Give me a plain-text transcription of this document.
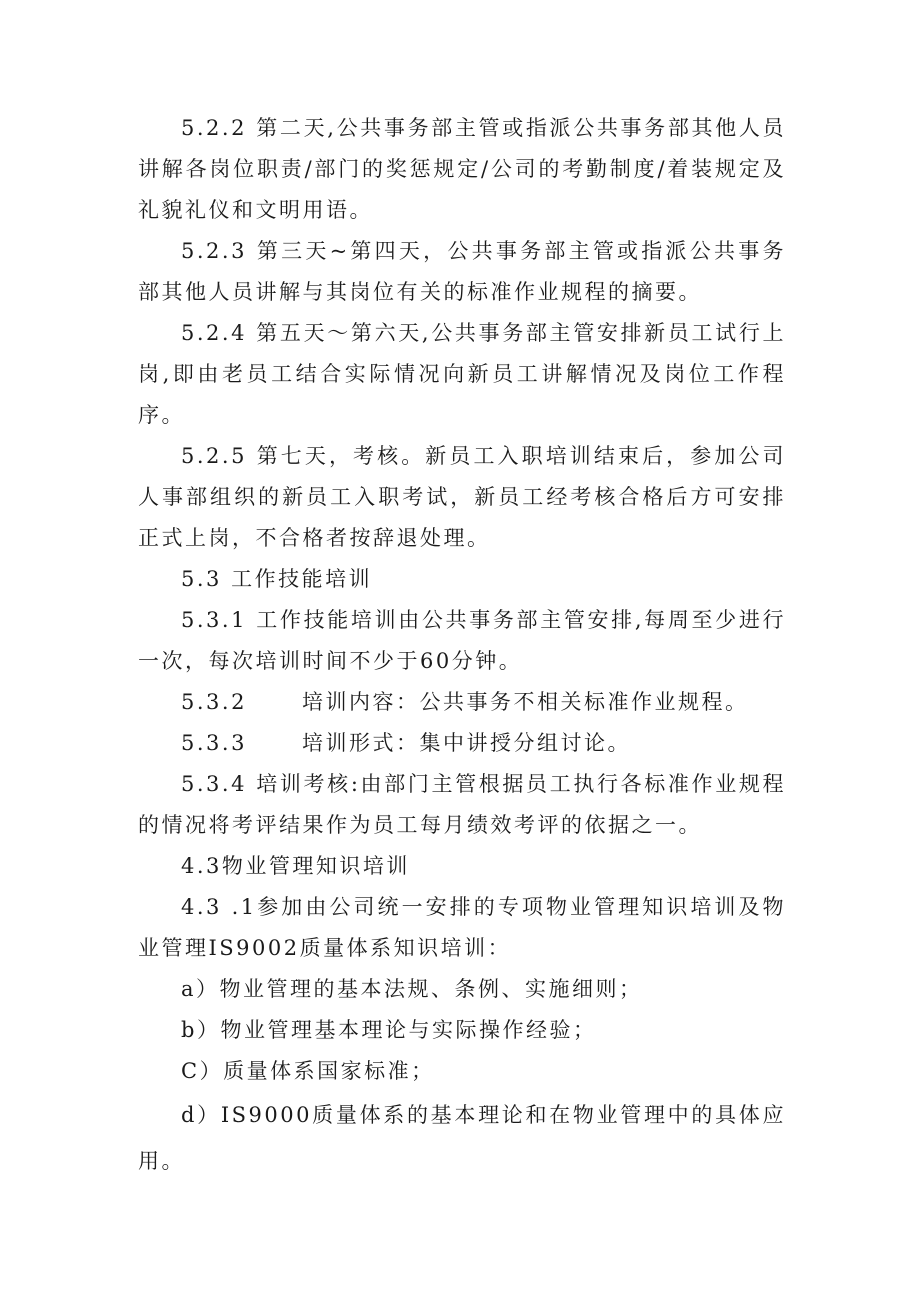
5.2.2 第二天,公共事务部主管或指派公共事务部其他人员讲解各岗位职责/部门的奖惩规定/公司的考勤制度/着装规定及礼貌礼仪和文明用语。

5.2.3 第三天~第四天，公共事务部主管或指派公共事务部其他人员讲解与其岗位有关的标准作业规程的摘要。

5.2.4 第五天～第六天,公共事务部主管安排新员工试行上岗,即由老员工结合实际情况向新员工讲解情况及岗位工作程序。

5.2.5 第七天，考核。新员工入职培训结束后，参加公司人事部组织的新员工入职考试，新员工经考核合格后方可安排正式上岗，不合格者按辞退处理。

5.3 工作技能培训

5.3.1 工作技能培训由公共事务部主管安排,每周至少进行一次，每次培训时间不少于60分钟。

5.3.2      培训内容：公共事务不相关标准作业规程。

5.3.3      培训形式：集中讲授分组讨论。

5.3.4 培训考核:由部门主管根据员工执行各标准作业规程的情况将考评结果作为员工每月绩效考评的依据之一。

4.3物业管理知识培训

4.3 .1参加由公司统一安排的专项物业管理知识培训及物业管理IS9002质量体系知识培训：

a）物业管理的基本法规、条例、实施细则；

b）物业管理基本理论与实际操作经验；

C）质量体系国家标准；

d）IS9000质量体系的基本理论和在物业管理中的具体应用。
